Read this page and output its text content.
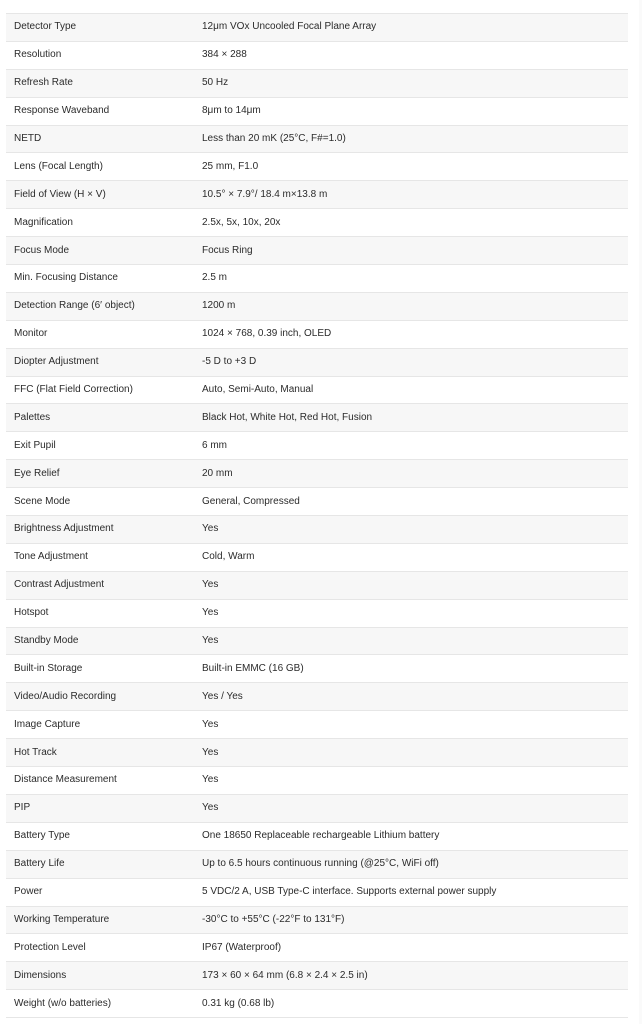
Detector Type	12μm VOx Uncooled Focal Plane Array
Resolution	384 × 288
Refresh Rate	50 Hz
Response Waveband	8μm to 14μm
NETD	Less than 20 mK (25°C, F#=1.0)
Lens (Focal Length)	25 mm, F1.0
Field of View (H × V)	10.5° × 7.9°/ 18.4 m×13.8 m
Magnification	2.5x, 5x, 10x, 20x
Focus Mode	Focus Ring
Min. Focusing Distance	2.5 m
Detection Range (6′ object)	1200 m
Monitor	1024 × 768, 0.39 inch, OLED
Diopter Adjustment	-5 D to +3 D
FFC (Flat Field Correction)	Auto, Semi-Auto, Manual
Palettes	Black Hot, White Hot, Red Hot, Fusion
Exit Pupil	6 mm
Eye Relief	20 mm
Scene Mode	General, Compressed
Brightness Adjustment	Yes
Tone Adjustment	Cold, Warm
Contrast Adjustment	Yes
Hotspot	Yes
Standby Mode	Yes
Built-in Storage	Built-in EMMC (16 GB)
Video/Audio Recording	Yes / Yes
Image Capture	Yes
Hot Track	Yes
Distance Measurement	Yes
PIP	Yes
Battery Type	One 18650 Replaceable rechargeable Lithium battery
Battery Life	Up to 6.5 hours continuous running (@25°C, WiFi off)
Power	5 VDC/2 A, USB Type-C interface. Supports external power supply
Working Temperature	-30°C to +55°C (-22°F to 131°F)
Protection Level	IP67 (Waterproof)
Dimensions	173 × 60 × 64 mm (6.8 × 2.4 × 2.5 in)
Weight (w/o batteries)	0.31 kg (0.68 lb)
